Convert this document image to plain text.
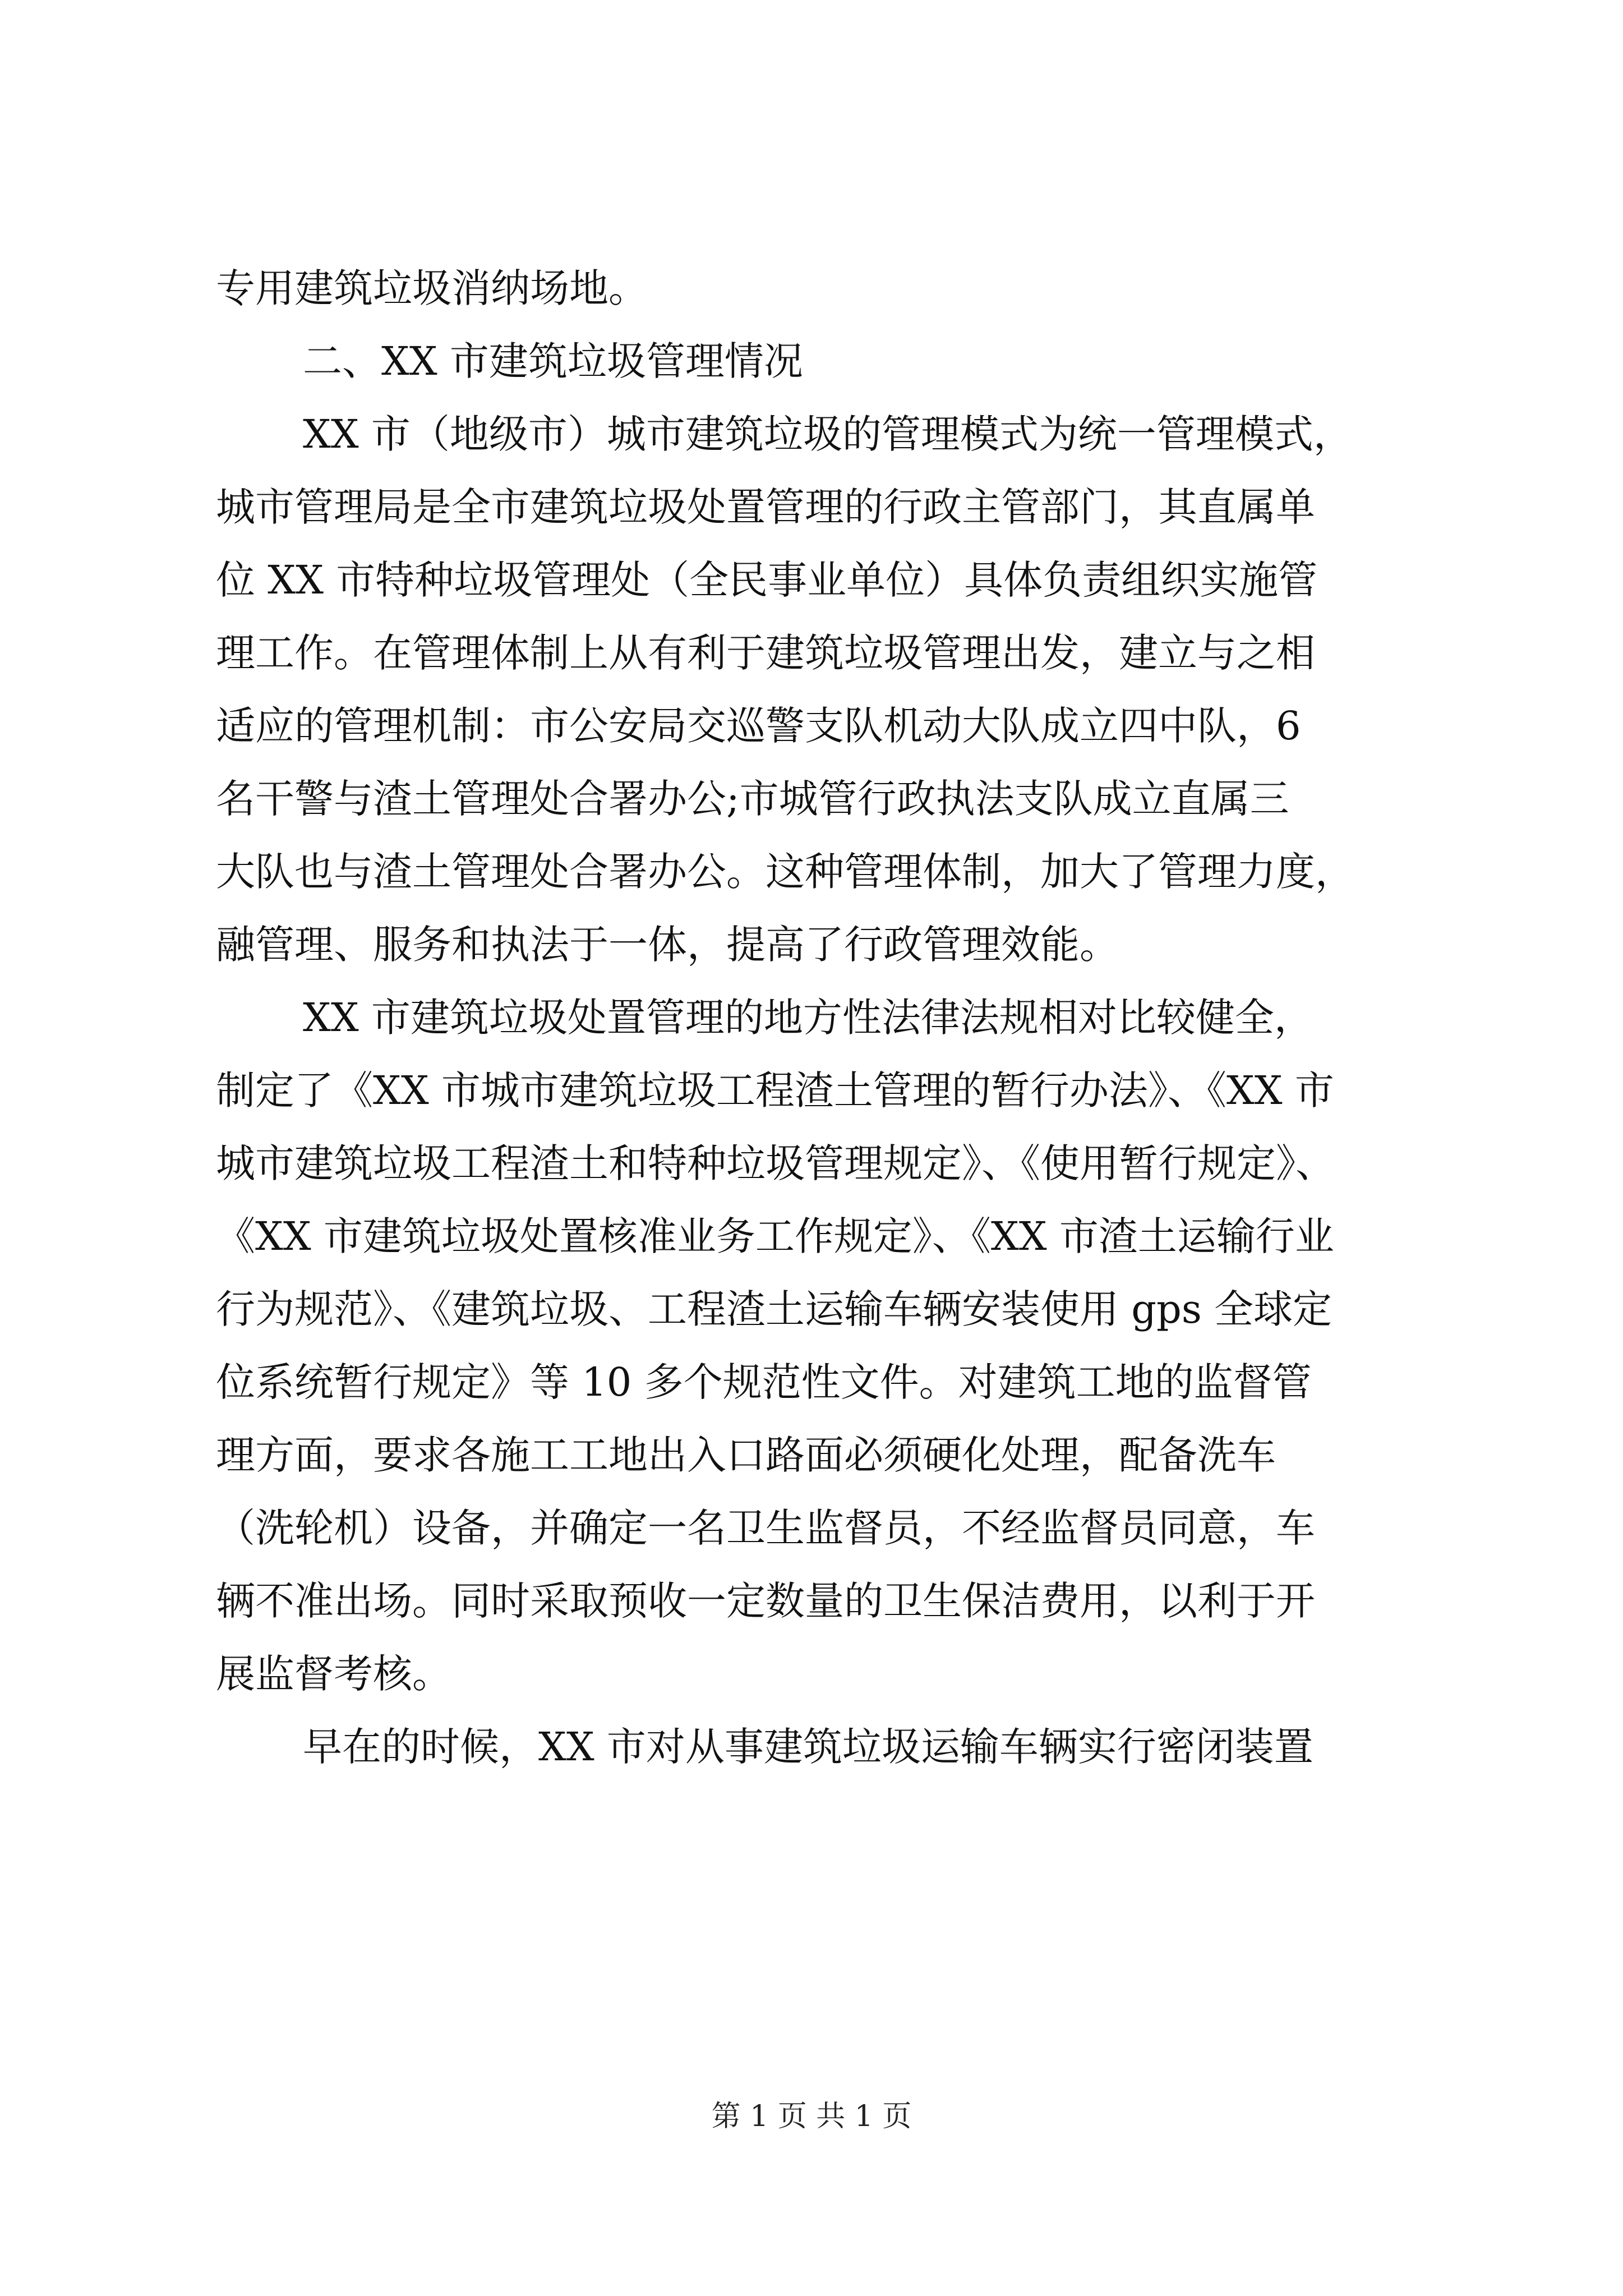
专用建筑垃圾消纳场地。
二、XX 市建筑垃圾管理情况
XX 市（地级市）城市建筑垃圾的管理模式为统一管理模式，
城市管理局是全市建筑垃圾处置管理的行政主管部门，其直属单
位 XX 市特种垃圾管理处（全民事业单位）具体负责组织实施管
理工作。在管理体制上从有利于建筑垃圾管理出发，建立与之相
适应的管理机制：市公安局交巡警支队机动大队成立四中队，6
名干警与渣土管理处合署办公;市城管行政执法支队成立直属三
大队也与渣土管理处合署办公。这种管理体制，加大了管理力度，
融管理、服务和执法于一体，提高了行政管理效能。
XX 市建筑垃圾处置管理的地方性法律法规相对比较健全，
制定了《XX 市城市建筑垃圾工程渣土管理的暂行办法》、《XX 市
城市建筑垃圾工程渣土和特种垃圾管理规定》、《使用暂行规定》、
《XX 市建筑垃圾处置核准业务工作规定》、《XX 市渣土运输行业
行为规范》、《建筑垃圾、工程渣土运输车辆安装使用 gps 全球定
位系统暂行规定》等 10 多个规范性文件。对建筑工地的监督管
理方面，要求各施工工地出入口路面必须硬化处理，配备洗车
（洗轮机）设备，并确定一名卫生监督员，不经监督员同意，车
辆不准出场。同时采取预收一定数量的卫生保洁费用，以利于开
展监督考核。
早在的时候，XX 市对从事建筑垃圾运输车辆实行密闭装置
第 1 页 共 1 页
